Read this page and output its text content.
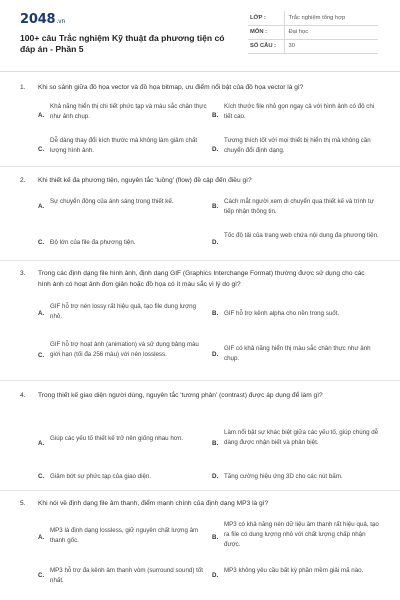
2048.vn
100+ câu Trắc nghiệm Kỹ thuật đa phương tiện có đáp án - Phần 5
LỚP :	Trắc nghiệm tổng hợp
MÔN :	Đại học
SỐ CÂU :	30
1. Khi so sánh giữa đồ họa vector và đồ họa bitmap, ưu điểm nổi bật của đồ họa vector là gì?
A.
Khả năng hiển thị chi tiết phức tạp và màu sắc chân thực như ảnh chụp.	B.
Kích thước file nhỏ gọn ngay cả với hình ảnh có độ chi tiết cao.
C.
Dễ dàng thay đổi kích thước mà không làm giảm chất lượng hình ảnh.	D.
Tương thích tốt với mọi thiết bị hiển thị mà không cần chuyển đổi định dạng.
2. Khi thiết kế đa phương tiện, nguyên tắc 'luồng' (flow) đề cập đến điều gì?
A.
Sự chuyển động của ánh sáng trong thiết kế.
B.
Cách mắt người xem di chuyển qua thiết kế và trình tự tiếp nhận thông tin.
C. Độ lớn của file đa phương tiện.	D.
Tốc độ tải của trang web chứa nội dung đa phương tiện.
3. Trong các định dạng file hình ảnh, định dạng GIF (Graphics Interchange Format) thường được sử dụng cho các hình ảnh có hoạt ảnh đơn giản hoặc đồ họa có ít màu sắc vì lý do gì?
A.
GIF hỗ trợ nén lossy rất hiệu quả, tạo file dung lượng nhỏ.	B. GIF hỗ trợ kênh alpha cho nền trong suốt.
C.
GIF hỗ trợ hoạt ảnh (animation) và sử dụng bảng màu giới hạn (tối đa 256 màu) với nén lossless.	D.
GIF có khả năng hiển thị màu sắc chân thực như ảnh chụp.
4. Trong thiết kế giao diện người dùng, nguyên tắc 'tương phản' (contrast) được áp dụng để làm gì?
A.
Giúp các yếu tố thiết kế trở nên giống nhau hơn.
B.
Làm nổi bật sự khác biệt giữa các yếu tố, giúp chúng dễ dàng được nhận biết và phân biệt.
C. Giảm bớt sự phức tạp của giao diện.	D. Tăng cường hiệu ứng 3D cho các nút bấm.
5. Khi nói về định dạng file âm thanh, điểm mạnh chính của định dạng MP3 là gì?
A.
MP3 là định dạng lossless, giữ nguyên chất lượng âm thanh gốc.	B.
MP3 có khả năng nén dữ liệu âm thanh rất hiệu quả, tạo ra file có dung lượng nhỏ với chất lượng chấp nhận được.
C.
MP3 hỗ trợ đa kênh âm thanh vòm (surround sound) tốt nhất.
D.
MP3 không yêu cầu bất kỳ phần mềm giải mã nào.
